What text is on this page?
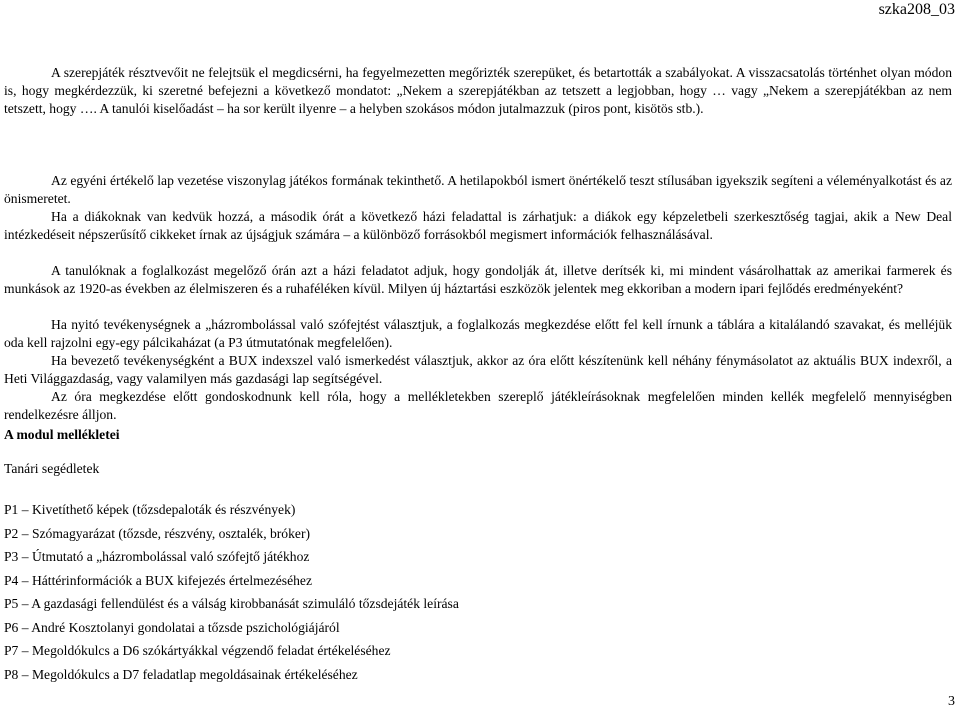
szka208_03

A szerepjáték résztvevőit ne felejtsük el megdicsérni, ha fegyelmezetten megőrizték szerepüket, és betartották a szabályokat. A visszacsatolás történhet olyan módon is, hogy megkérdezzük, ki szeretné befejezni a következő mondatot: „Nekem a szerepjátékban az tetszett a legjobban, hogy … vagy „Nekem a szerepjátékban az nem tetszett, hogy …. A tanulói kiselőadást – ha sor került ilyenre – a helyben szokásos módon jutalmazzuk (piros pont, kisötös stb.).

Az egyéni értékelő lap vezetése viszonylag játékos formának tekinthető. A hetilapokból ismert önértékelő teszt stílusában igyekszik segíteni a véleményalkotást és az önismeretet.

Ha a diákoknak van kedvük hozzá, a második órát a következő házi feladattal is zárhatjuk: a diákok egy képzeletbeli szerkesztőség tagjai, akik a New Deal intézkedéseit népszerűsítő cikkeket írnak az újságjuk számára – a különböző forrásokból megismert információk felhasználásával.

A tanulóknak a foglalkozást megelőző órán azt a házi feladatot adjuk, hogy gondolják át, illetve derítsék ki, mi mindent vásárolhattak az amerikai farmerek és munkások az 1920-as években az élelmiszeren és a ruhaféléken kívül. Milyen új háztartási eszközök jelentek meg ekkoriban a modern ipari fejlődés eredményeként?

Ha nyitó tevékenységnek a „házrombolással való szófejtést választjuk, a foglalkozás megkezdése előtt fel kell írnunk a táblára a kitalálandó szavakat, és melléjük oda kell rajzolni egy-egy pálcikaházat (a P3 útmutatónak megfelelően).

Ha bevezető tevékenységként a BUX indexszel való ismerkedést választjuk, akkor az óra előtt készítenünk kell néhány fénymásolatot az aktuális BUX indexről, a Heti Világgazdaság, vagy valamilyen más gazdasági lap segítségével.

Az óra megkezdése előtt gondoskodnunk kell róla, hogy a mellékletekben szereplő játékleírásoknak megfelelően minden kellék megfelelő mennyiségben rendelkezésre álljon.

A modul mellékletei
Tanári segédletek
P1 – Kivetíthető képek (tőzsdepaloták és részvények)
P2 – Szómagyarázat (tőzsde, részvény, osztalék, bróker)
P3 – Útmutató a „házrombolással való szófejtő játékhoz
P4 – Háttérinformációk a BUX kifejezés értelmezéséhez
P5 – A gazdasági fellendülést és a válság kirobbanását szimuláló tőzsdejáték leírása
P6 – André Kosztolanyi gondolatai a tőzsde pszichológiájáról
P7 – Megoldókulcs a D6 szókártyákkal végzendő feladat értékeléséhez
P8 – Megoldókulcs a D7 feladatlap megoldásainak értékeléséhez
3
